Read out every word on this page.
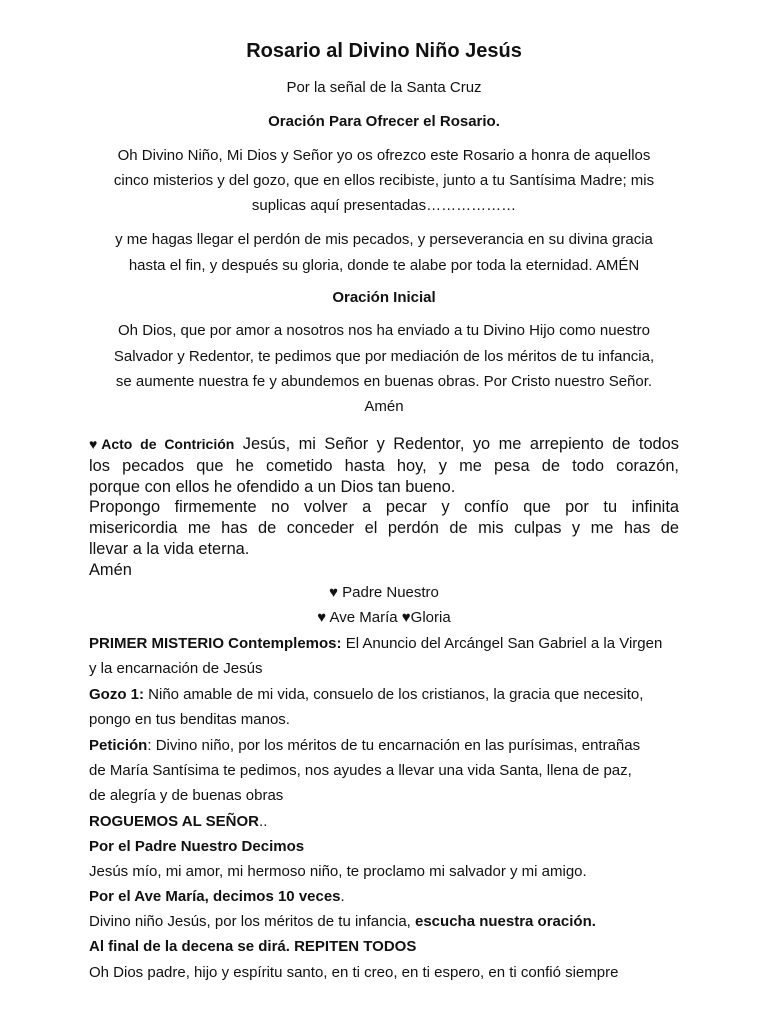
Rosario al Divino Niño Jesús
Por la señal de la Santa Cruz
Oración Para Ofrecer el Rosario.
Oh Divino Niño, Mi Dios y Señor yo os ofrezco este Rosario a honra de aquellos
cinco misterios y del gozo, que en ellos recibiste, junto a tu Santísima Madre; mis
suplicas aquí presentadas………………
y me hagas llegar el perdón de mis pecados, y perseverancia en su divina gracia
hasta el fin, y después su gloria, donde te alabe por toda la eternidad. AMÉN
Oración Inicial
Oh Dios, que por amor a nosotros nos ha enviado a tu Divino Hijo como nuestro
Salvador y Redentor, te pedimos que por mediación de los méritos de tu infancia,
se aumente nuestra fe y abundemos en buenas obras. Por Cristo nuestro Señor.
Amén
♥Acto de Contrición Jesús, mi Señor y Redentor, yo me arrepiento de todos
los pecados que he cometido hasta hoy, y me pesa de todo corazón,
porque con ellos he ofendido a un Dios tan bueno.
Propongo firmemente no volver a pecar y confío que por tu infinita
misericordia me has de conceder el perdón de mis culpas y me has de
llevar a la vida eterna.
Amén
♥ Padre Nuestro
♥ Ave María ♥Gloria
PRIMER MISTERIO Contemplemos: El Anuncio del Arcángel San Gabriel a la Virgen
y la encarnación de Jesús
Gozo 1: Niño amable de mi vida, consuelo de los cristianos, la gracia que necesito,
pongo en tus benditas manos.
Petición: Divino niño, por los méritos de tu encarnación en las purísimas, entrañas
de María Santísima te pedimos, nos ayudes a llevar una vida Santa, llena de paz,
de alegría y de buenas obras
ROGUEMOS AL SEÑOR..
Por el Padre Nuestro Decimos
Jesús mío, mi amor, mi hermoso niño, te proclamo mi salvador y mi amigo.
Por el Ave María, decimos 10 veces.
Divino niño Jesús, por los méritos de tu infancia, escucha nuestra oración.
Al final de la decena se dirá. REPITEN TODOS
Oh Dios padre, hijo y espíritu santo, en ti creo, en ti espero, en ti confió siempre
